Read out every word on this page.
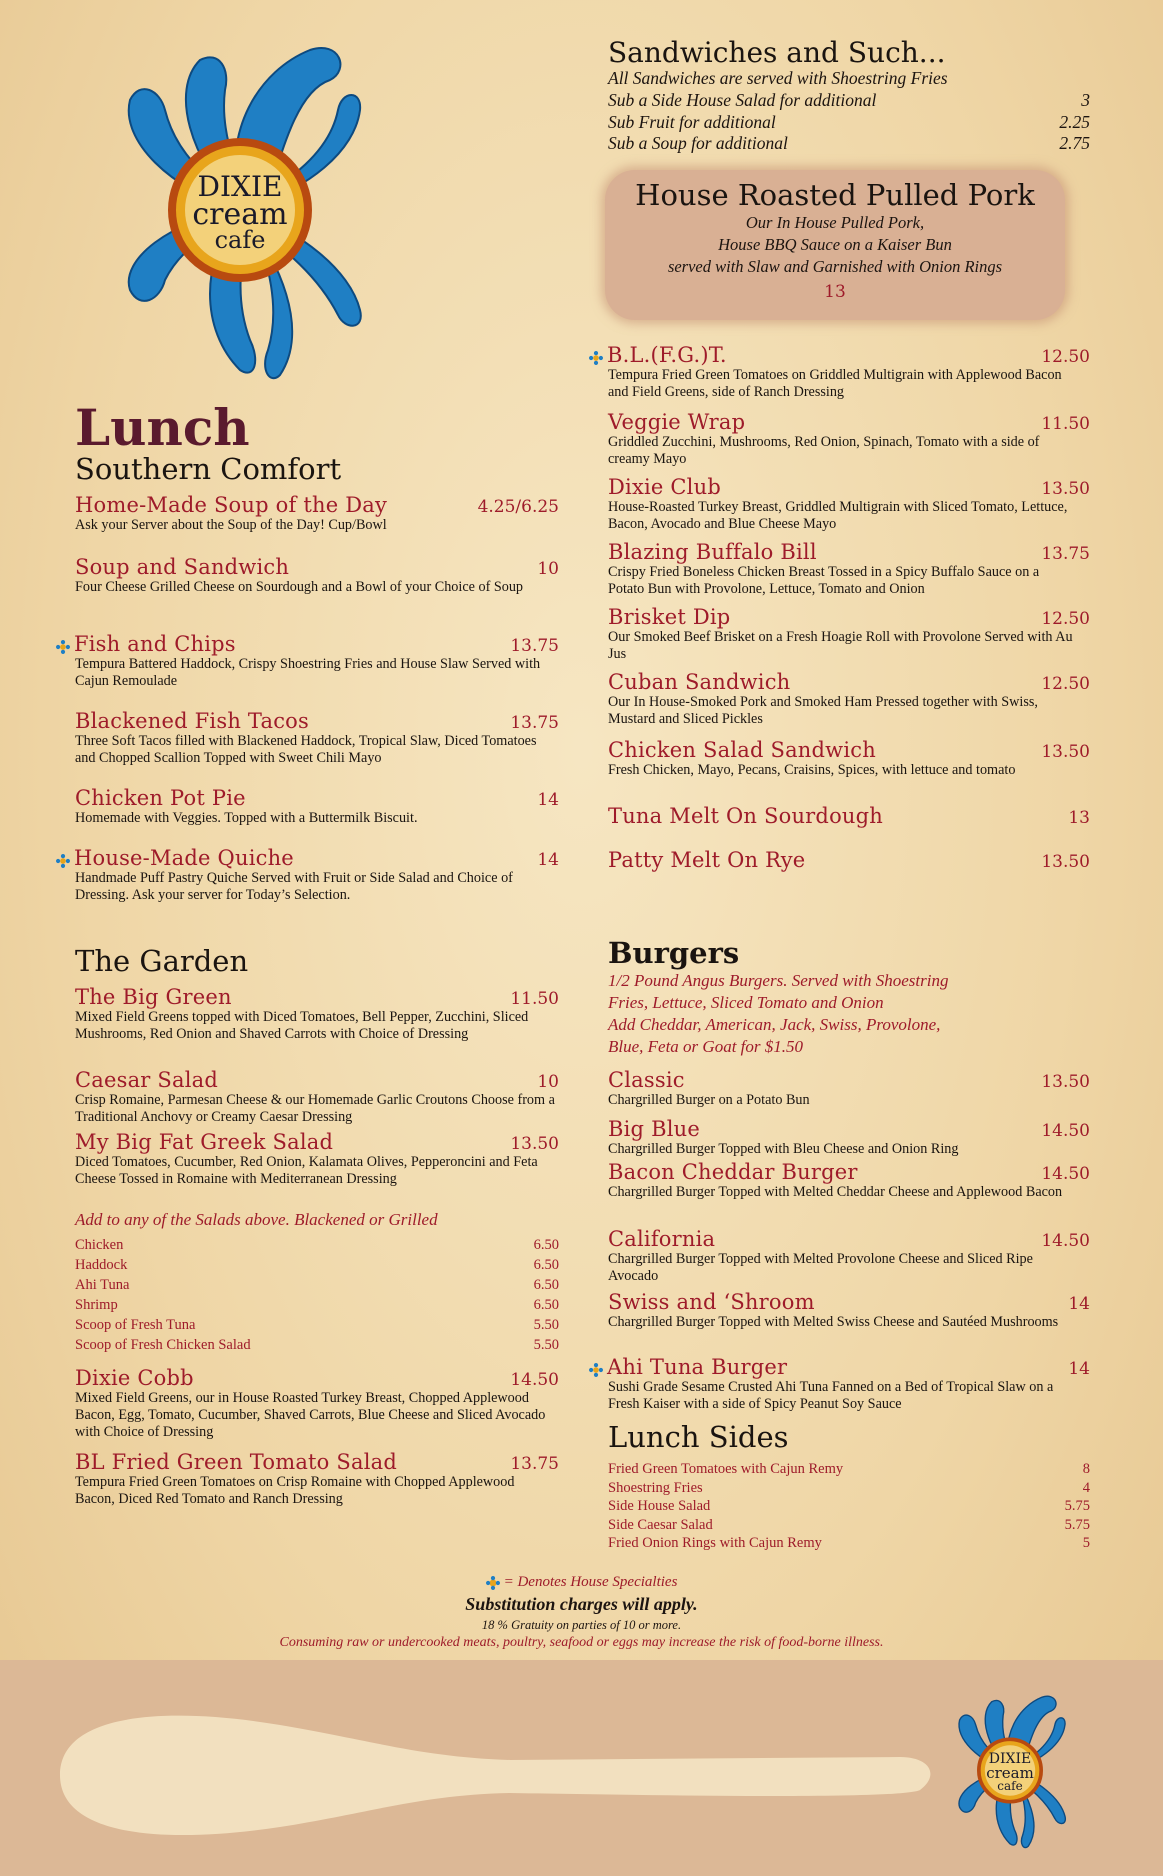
DIXIE
cream
cafe
DIXIE
cream
cafe
Lunch
Southern Comfort
Home-Made Soup of the Day	4.25/6.25
Ask your Server about the Soup of the Day! Cup/Bowl
Soup and Sandwich	10
Four Cheese Grilled Cheese on Sourdough and a Bowl of your Choice of Soup
Fish and Chips	13.75
Tempura Battered Haddock, Crispy Shoestring Fries and House Slaw Served with Cajun Remoulade
Blackened Fish Tacos	13.75
Three Soft Tacos filled with Blackened Haddock, Tropical Slaw, Diced Tomatoes and Chopped Scallion Topped with Sweet Chili Mayo
Chicken Pot Pie	14
Homemade with Veggies. Topped with a Buttermilk Biscuit.
House-Made Quiche	14
Handmade Puff Pastry Quiche Served with Fruit or Side Salad and Choice of Dressing. Ask your server for Today’s Selection.
The Garden
The Big Green	11.50
Mixed Field Greens topped with Diced Tomatoes, Bell Pepper, Zucchini, Sliced Mushrooms, Red Onion and Shaved Carrots with Choice of Dressing
Caesar Salad	10
Crisp Romaine, Parmesan Cheese & our Homemade Garlic Croutons Choose from a Traditional Anchovy or Creamy Caesar Dressing
My Big Fat Greek Salad	13.50
Diced Tomatoes, Cucumber, Red Onion, Kalamata Olives, Pepperoncini and Feta Cheese Tossed in Romaine with Mediterranean Dressing
Add to any of the Salads above. Blackened or Grilled
Chicken	6.50
Haddock	6.50
Ahi Tuna	6.50
Shrimp	6.50
Scoop of Fresh Tuna	5.50
Scoop of Fresh Chicken Salad	5.50
Dixie Cobb	14.50
Mixed Field Greens, our in House Roasted Turkey Breast, Chopped Applewood Bacon, Egg, Tomato, Cucumber, Shaved Carrots, Blue Cheese and Sliced Avocado with Choice of Dressing
BL Fried Green Tomato Salad	13.75
Tempura Fried Green Tomatoes on Crisp Romaine with Chopped Applewood Bacon, Diced Red Tomato and Ranch Dressing
Sandwiches and Such...
All Sandwiches are served with Shoestring Fries
Sub a Side House Salad for additional	3
Sub Fruit for additional	2.25
Sub a Soup for additional	2.75
House Roasted Pulled Pork
Our In House Pulled Pork,
House BBQ Sauce on a Kaiser Bun
served with Slaw and Garnished with Onion Rings
13
B.L.(F.G.)T.	12.50
Tempura Fried Green Tomatoes on Griddled Multigrain with Applewood Bacon and Field Greens, side of Ranch Dressing
Veggie Wrap	11.50
Griddled Zucchini, Mushrooms, Red Onion, Spinach, Tomato with a side of creamy Mayo
Dixie Club	13.50
House-Roasted Turkey Breast, Griddled Multigrain with Sliced Tomato, Lettuce, Bacon, Avocado and Blue Cheese Mayo
Blazing Buffalo Bill	13.75
Crispy Fried Boneless Chicken Breast Tossed in a Spicy Buffalo Sauce on a Potato Bun with Provolone, Lettuce, Tomato and Onion
Brisket Dip	12.50
Our Smoked Beef Brisket on a Fresh Hoagie Roll with Provolone Served with Au Jus
Cuban Sandwich	12.50
Our In House-Smoked Pork and Smoked Ham Pressed together with Swiss, Mustard and Sliced Pickles
Chicken Salad Sandwich	13.50
Fresh Chicken, Mayo, Pecans, Craisins, Spices, with lettuce and tomato
Tuna Melt On Sourdough	13
Patty Melt On Rye	13.50
Burgers
1/2 Pound Angus Burgers. Served with Shoestring
Fries, Lettuce, Sliced Tomato and Onion
Add Cheddar, American, Jack, Swiss, Provolone,
Blue, Feta or Goat for $1.50
Classic	13.50
Chargrilled Burger on a Potato Bun
Big Blue	14.50
Chargrilled Burger Topped with Bleu Cheese and Onion Ring
Bacon Cheddar Burger	14.50
Chargrilled Burger Topped with Melted Cheddar Cheese and Applewood Bacon
California	14.50
Chargrilled Burger Topped with Melted Provolone Cheese and Sliced Ripe Avocado
Swiss and ‘Shroom	14
Chargrilled Burger Topped with Melted Swiss Cheese and Sautéed Mushrooms
Ahi Tuna Burger	14
Sushi Grade Sesame Crusted Ahi Tuna Fanned on a Bed of Tropical Slaw on a Fresh Kaiser with a side of Spicy Peanut Soy Sauce
Lunch Sides
Fried Green Tomatoes with Cajun Remy	8
Shoestring Fries	4
Side House Salad	5.75
Side Caesar Salad	5.75
Fried Onion Rings with Cajun Remy	5
= Denotes House Specialties
Substitution charges will apply.
18 % Gratuity on parties of 10 or more.
Consuming raw or undercooked meats, poultry, seafood or eggs may increase the risk of food-borne illness.
